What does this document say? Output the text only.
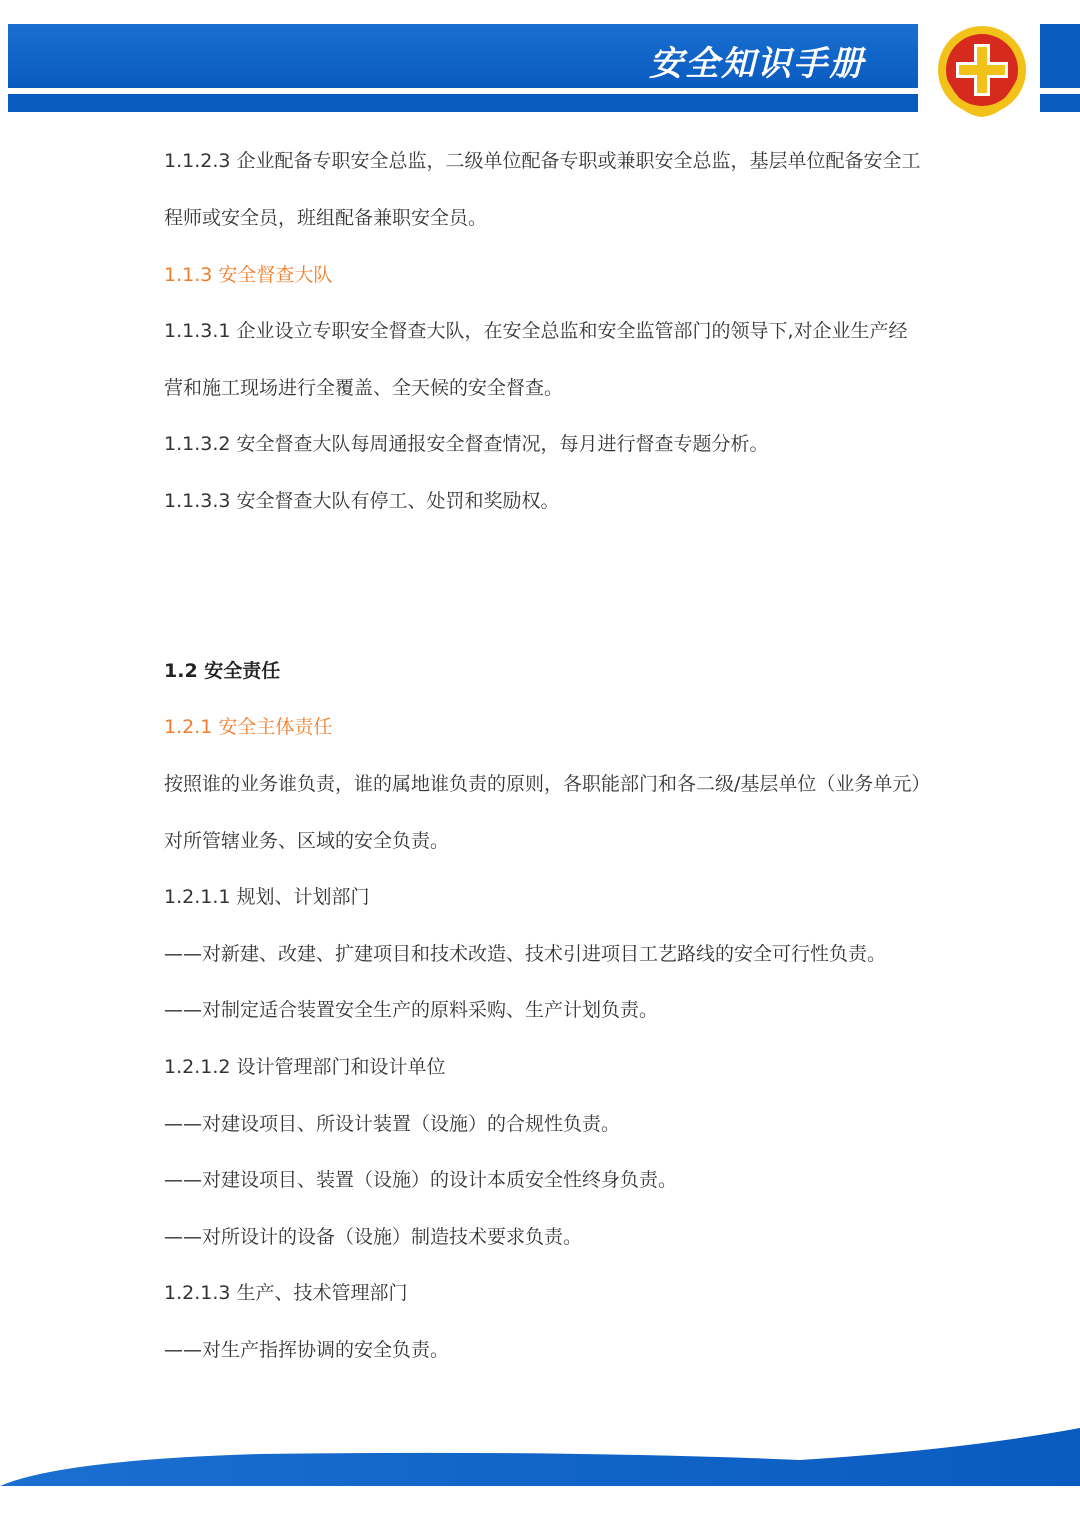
安全知识手册
1.1.2.3 企业配备专职安全总监，二级单位配备专职或兼职安全总监，基层单位配备安全工
程师或安全员，班组配备兼职安全员。
1.1.3 安全督查大队
1.1.3.1 企业设立专职安全督查大队，在安全总监和安全监管部门的领导下,对企业生产经
营和施工现场进行全覆盖、全天候的安全督查。
1.1.3.2 安全督查大队每周通报安全督查情况，每月进行督查专题分析。
1.1.3.3 安全督查大队有停工、处罚和奖励权。
1.2 安全责任
1.2.1 安全主体责任
按照谁的业务谁负责，谁的属地谁负责的原则，各职能部门和各二级/基层单位（业务单元）
对所管辖业务、区域的安全负责。
1.2.1.1 规划、计划部门
——对新建、改建、扩建项目和技术改造、技术引进项目工艺路线的安全可行性负责。
——对制定适合装置安全生产的原料采购、生产计划负责。
1.2.1.2 设计管理部门和设计单位
——对建设项目、所设计装置（设施）的合规性负责。
——对建设项目、装置（设施）的设计本质安全性终身负责。
——对所设计的设备（设施）制造技术要求负责。
1.2.1.3 生产、技术管理部门
——对生产指挥协调的安全负责。
